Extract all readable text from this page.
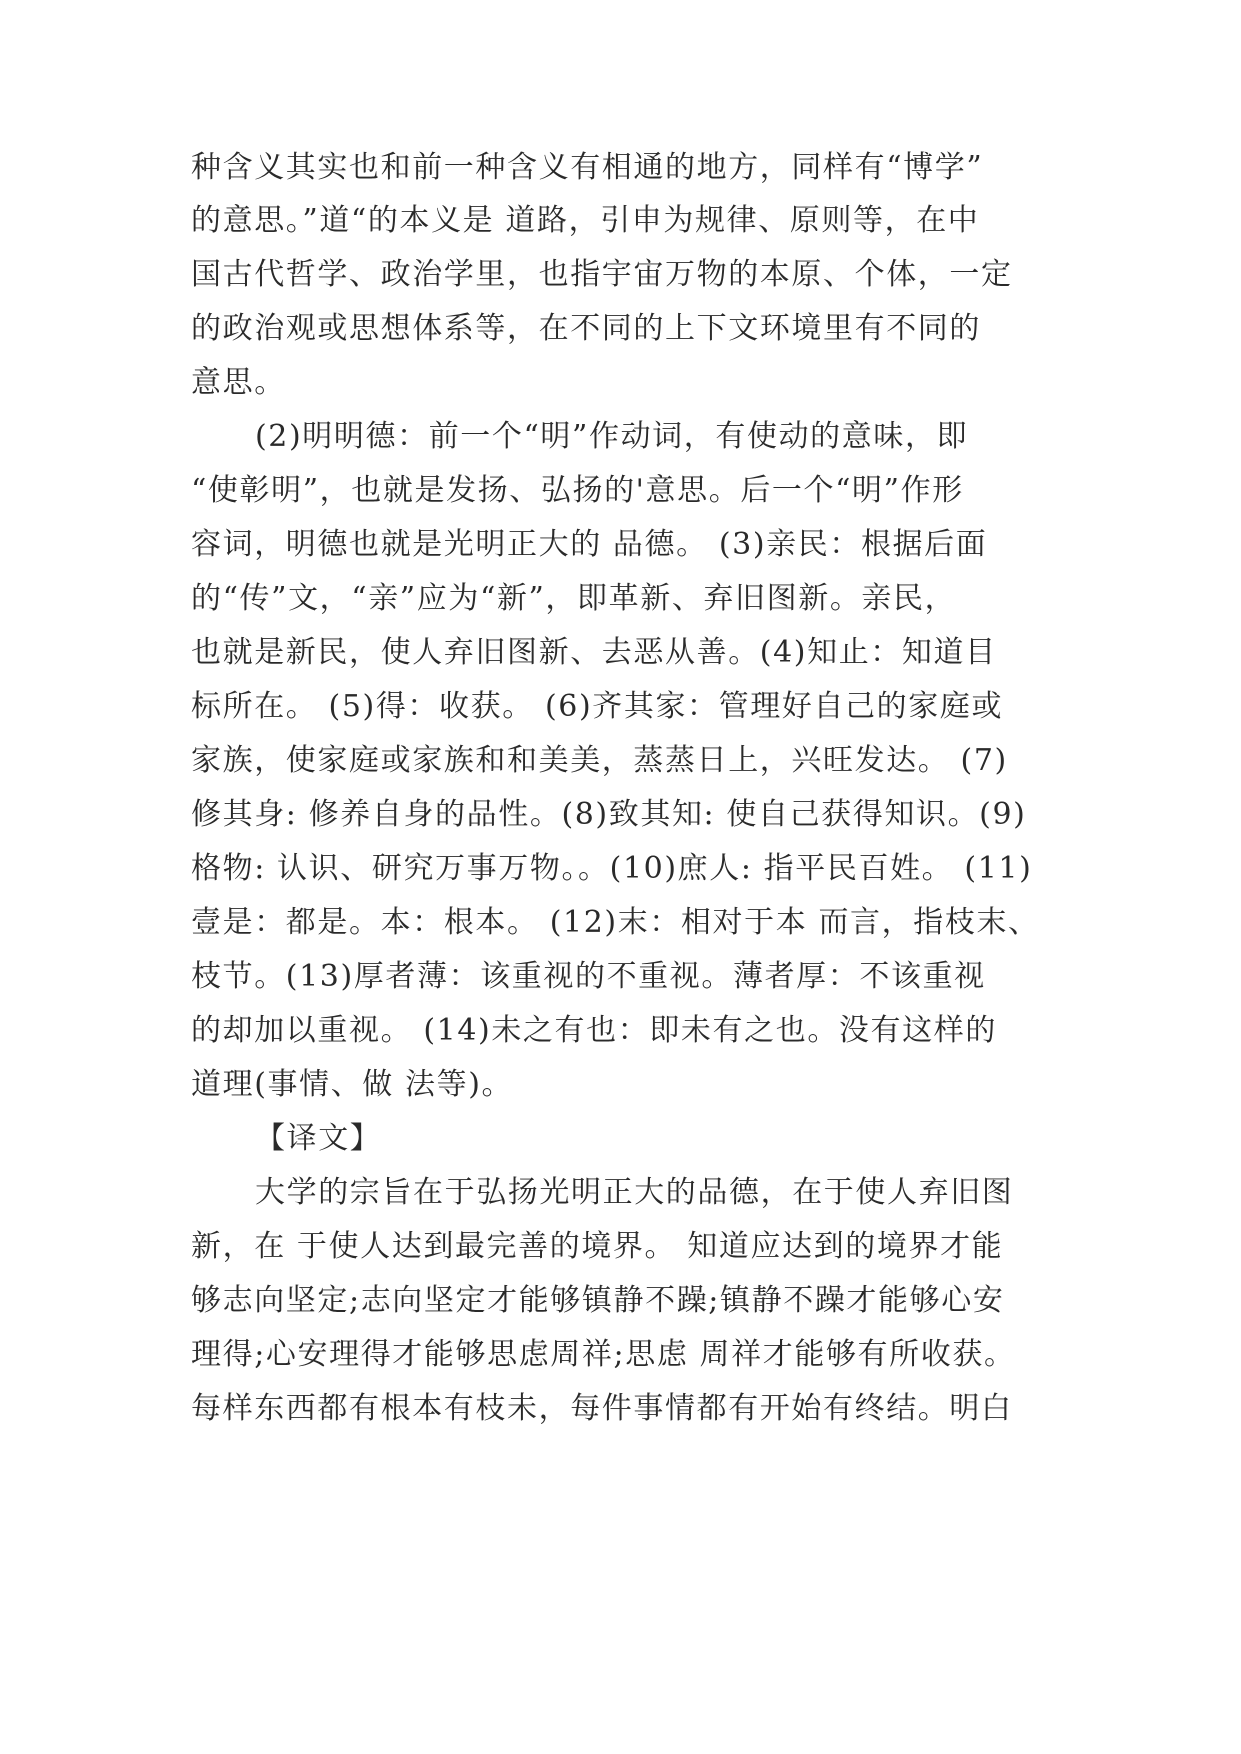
种含义其实也和前一种含义有相通的地方，同样有“博学”
的意思。”道“的本义是 道路，引申为规律、原则等，在中
国古代哲学、政治学里，也指宇宙万物的本原、个体，一定
的政治观或思想体系等，在不同的上下文环境里有不同的
意思。
(2)明明德：前一个“明”作动词，有使动的意味，即
“使彰明”，也就是发扬、弘扬的'意思。后一个“明”作形
容词，明德也就是光明正大的 品德。 (3)亲民：根据后面
的“传”文，“亲”应为“新”，即革新、弃旧图新。亲民，
也就是新民，使人弃旧图新、去恶从善。(4)知止：知道目
标所在。 (5)得：收获。 (6)齐其家：管理好自己的家庭或
家族，使家庭或家族和和美美，蒸蒸日上，兴旺发达。 (7)
修其身: 修养自身的品性。(8)致其知: 使自己获得知识。(9)
格物: 认识、研究万事万物。。(10)庶人: 指平民百姓。 (11)
壹是：都是。本：根本。 (12)末：相对于本 而言，指枝末、
枝节。(13)厚者薄：该重视的不重视。薄者厚：不该重视
的却加以重视。 (14)未之有也：即未有之也。没有这样的
道理(事情、做 法等)。
【译文】
大学的宗旨在于弘扬光明正大的品德，在于使人弃旧图
新，在 于使人达到最完善的境界。 知道应达到的境界才能
够志向坚定;志向坚定才能够镇静不躁;镇静不躁才能够心安
理得;心安理得才能够思虑周祥;思虑 周祥才能够有所收获。
每样东西都有根本有枝未，每件事情都有开始有终结。明白
